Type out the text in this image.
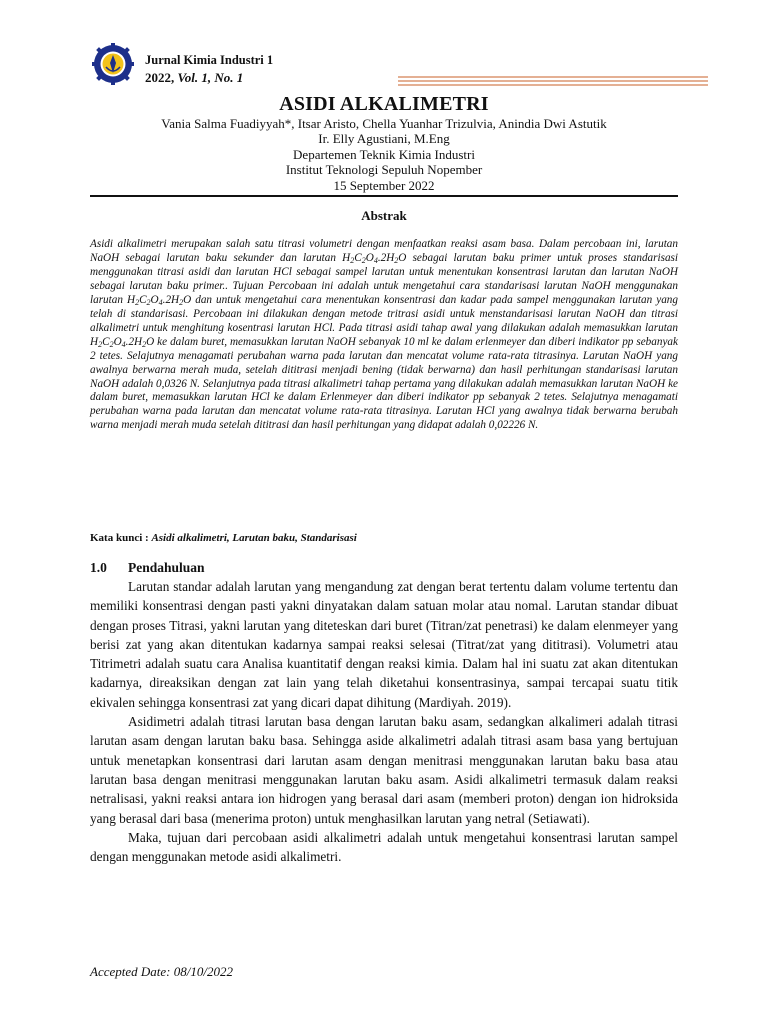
Jurnal Kimia Industri 1
2022, Vol. 1, No. 1
ASIDI ALKALIMETRI
Vania Salma Fuadiyyah*, Itsar Aristo, Chella Yuanhar Trizulvia, Anindia Dwi Astutik
Ir. Elly Agustiani, M.Eng
Departemen Teknik Kimia Industri
Institut Teknologi Sepuluh Nopember
15 September 2022
Abstrak

Asidi alkalimetri merupakan salah satu titrasi volumetri dengan menfaatkan reaksi asam basa. Dalam percobaan ini, larutan NaOH sebagai larutan baku sekunder dan larutan $H_2C_2O_4.2H_2O$ sebagai larutan baku primer untuk proses standarisasi menggunakan titrasi asidi dan larutan HCl sebagai sampel larutan untuk menentukan konsentrasi larutan dan larutan NaOH sebagai larutan baku primer.. Tujuan Percobaan ini adalah untuk mengetahui cara standarisasi larutan NaOH menggunakan larutan $H_2C_2O_4.2H_2O$ dan untuk mengetahui cara menentukan konsentrasi dan kadar pada sampel menggunakan larutan yang telah di standarisasi. Percobaan ini dilakukan dengan metode tritrasi asidi untuk menstandarisasi larutan NaOH dan titrasi alkalimetri untuk menghitung kosentrasi larutan HCl. Pada titrasi asidi tahap awal yang dilakukan adalah memasukkan larutan $H_2C_2O_4.2H_2O$ ke dalam buret, memasukkan larutan NaOH sebanyak 10 ml ke dalam erlenmeyer dan diberi indikator pp sebanyak 2 tetes. Selajutnya menagamati perubahan warna pada larutan dan mencatat volume rata-rata titrasinya. Larutan NaOH yang awalnya berwarna merah muda, setelah dititrasi menjadi bening (tidak berwarna) dan hasil perhitungan standarisasi larutan NaOH adalah 0,0326 N. Selanjutnya pada titrasi alkalimetri tahap pertama yang dilakukan adalah memasukkan larutan NaOH ke dalam buret, memasukkan larutan HCl ke dalam Erlenmeyer dan diberi indikator pp sebanyak 2 tetes. Selajutnya menagamati perubahan warna pada larutan dan mencatat volume rata-rata titrasinya. Larutan HCl yang awalnya tidak berwarna berubah warna menjadi merah muda setelah dititrasi dan hasil perhitungan yang didapat adalah 0,02226 N.

Kata kunci : Asidi alkalimetri, Larutan baku, Standarisasi
1.0 Pendahuluan

Larutan standar adalah larutan yang mengandung zat dengan berat tertentu dalam volume tertentu dan memiliki konsentrasi dengan pasti yakni dinyatakan dalam satuan molar atau nomal. Larutan standar dibuat dengan proses Titrasi, yakni larutan yang diteteskan dari buret (Titran/zat penetrasi) ke dalam elenmeyer yang berisi zat yang akan ditentukan kadarnya sampai reaksi selesai (Titrat/zat yang dititrasi). Volumetri atau Titrimetri adalah suatu cara Analisa kuantitatif dengan reaksi kimia. Dalam hal ini suatu zat akan ditentukan kadarnya, direaksikan dengan zat lain yang telah diketahui konsentrasinya, sampai tercapai suatu titik ekivalen sehingga konsentrasi zat yang dicari dapat dihitung (Mardiyah. 2019).

Asidimetri adalah titrasi larutan basa dengan larutan baku asam, sedangkan alkalimeri adalah titrasi larutan asam dengan larutan baku basa. Sehingga aside alkalimetri adalah titrasi asam basa yang bertujuan untuk menetapkan konsentrasi dari larutan asam dengan menitrasi menggunakan larutan baku basa atau larutan basa dengan menitrasi menggunakan larutan baku asam. Asidi alkalimetri termasuk dalam reaksi netralisasi, yakni reaksi antara ion hidrogen yang berasal dari asam (memberi proton) dengan ion hidroksida yang berasal dari basa (menerima proton) untuk menghasilkan larutan yang netral (Setiawati).

Maka, tujuan dari percobaan asidi alkalimetri adalah untuk mengetahui konsentrasi larutan sampel dengan menggunakan metode asidi alkalimetri.

Accepted Date: 08/10/2022
